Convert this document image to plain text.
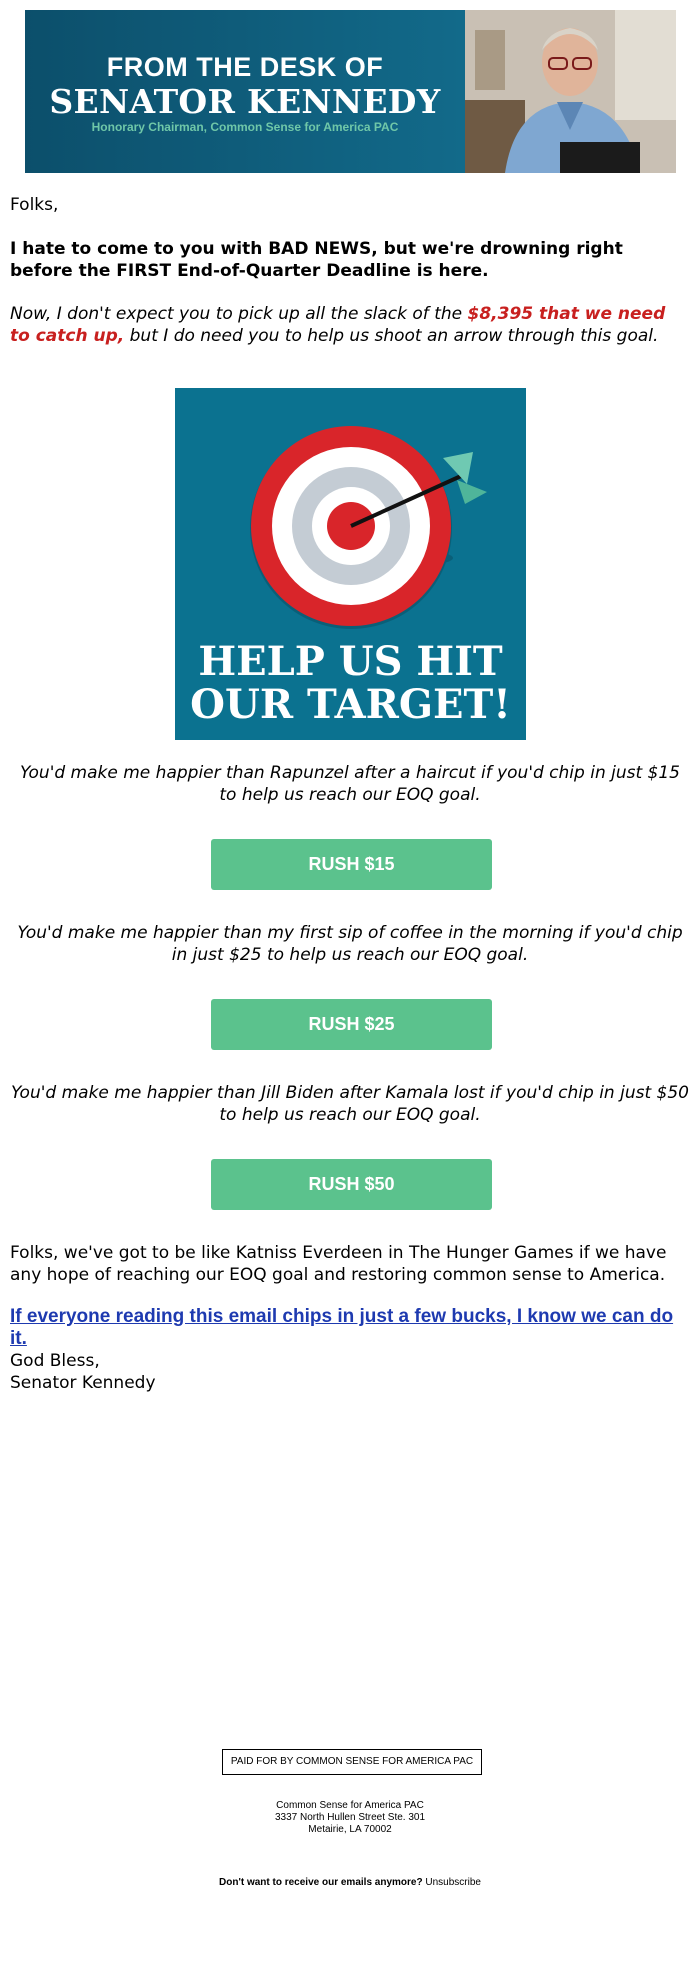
FROM THE DESK OF
SENATOR KENNEDY
Honorary Chairman, Common Sense for America PAC
Folks,
I hate to come to you with BAD NEWS, but we're drowning right before the FIRST End-of-Quarter Deadline is here.
Now, I don't expect you to pick up all the slack of the $8,395 that we need to catch up, but I do need you to help us shoot an arrow through this goal.
HELP US HIT
OUR TARGET!
You'd make me happier than Rapunzel after a haircut if you'd chip in just $15 to help us reach our EOQ goal.
RUSH $15
You'd make me happier than my first sip of coffee in the morning if you'd chip in just $25 to help us reach our EOQ goal.
RUSH $25
You'd make me happier than Jill Biden after Kamala lost if you'd chip in just $50 to help us reach our EOQ goal.
RUSH $50
Folks, we've got to be like Katniss Everdeen in The Hunger Games if we have any hope of reaching our EOQ goal and restoring common sense to America.
If everyone reading this email chips in just a few bucks, I know we can do it.
God Bless,
Senator Kennedy
PAID FOR BY COMMON SENSE FOR AMERICA PAC
Common Sense for America PAC
3337 North Hullen Street Ste. 301
Metairie, LA 70002
Don't want to receive our emails anymore? Unsubscribe
